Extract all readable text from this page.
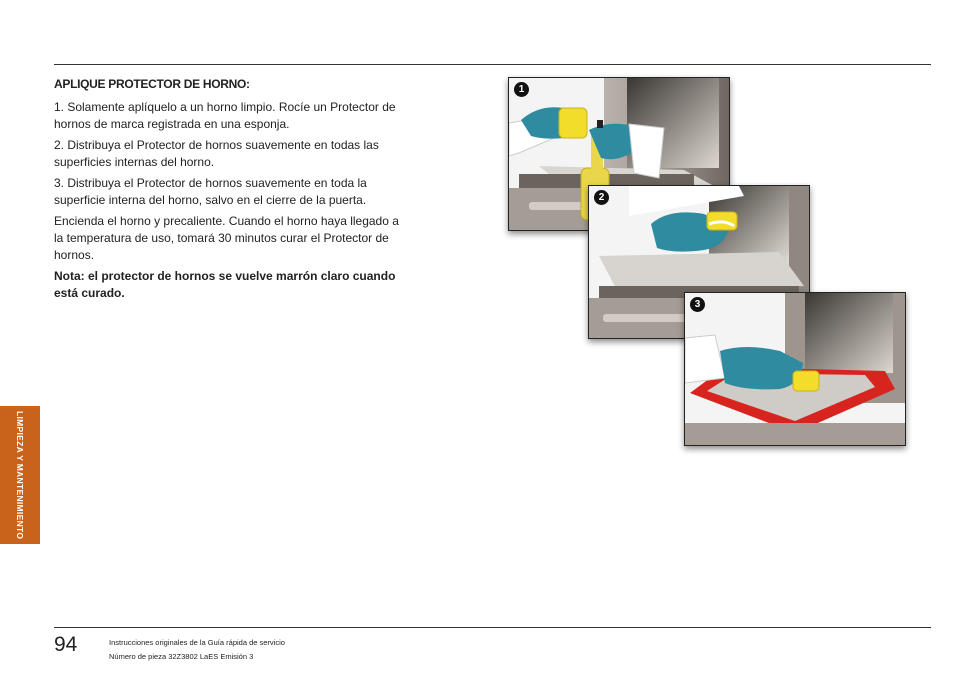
APLIQUE PROTECTOR DE HORNO:

1. Solamente aplíquelo a un horno limpio. Rocíe un Protector de hornos de marca registrada en una esponja.

2. Distribuya el Protector de hornos suavemente en todas las superficies internas del horno.

3. Distribuya el Protector de hornos suavemente en toda la superficie interna del horno, salvo en el cierre de la puerta.

Encienda el horno y precaliente. Cuando el horno haya llegado a la temperatura de uso, tomará 30 minutos curar el Protector de hornos.

Nota: el protector de hornos se vuelve marrón claro cuando está curado.

LIMPIEZA Y MANTENIMIENTO
1
2
3
94	Instrucciones originales de la Guía rápida de servicio
Número de pieza 32Z3802 LaES Emisión 3
